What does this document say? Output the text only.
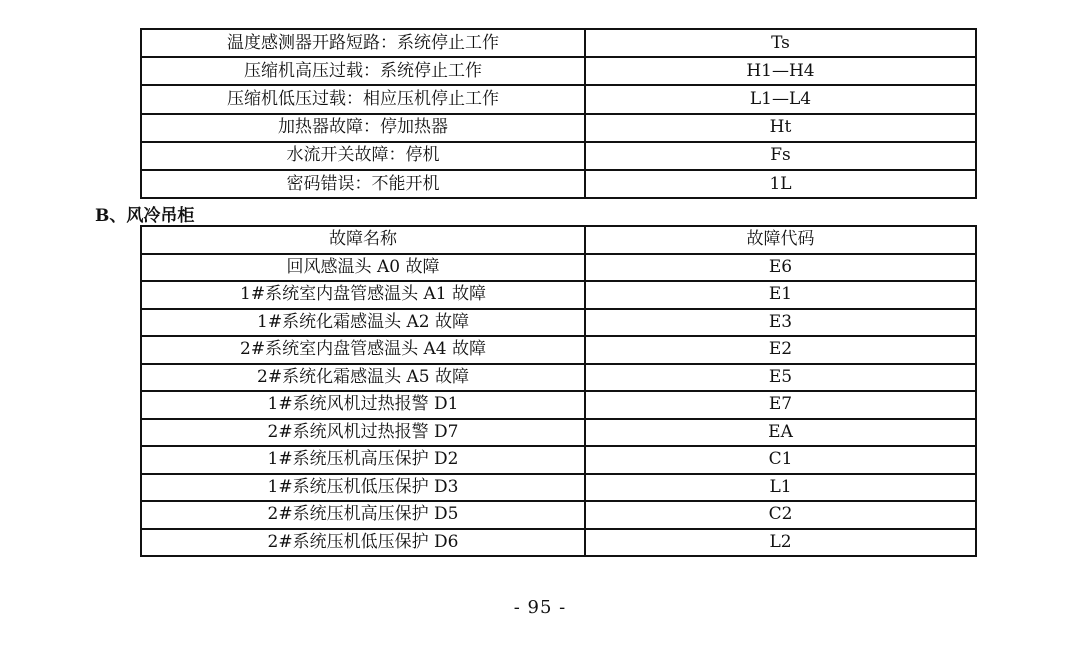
温度感测器开路短路：系统停止工作	Ts
压缩机高压过载：系统停止工作	H1—H4
压缩机低压过载：相应压机停止工作	L1—L4
加热器故障：停加热器	Ht
水流开关故障：停机	Fs
密码错误：不能开机	1L
B、风冷吊柜
故障名称	故障代码
回风感温头 A0 故障	E6
1#系统室内盘管感温头 A1 故障	E1
1#系统化霜感温头 A2 故障	E3
2#系统室内盘管感温头 A4 故障	E2
2#系统化霜感温头 A5 故障	E5
1#系统风机过热报警 D1	E7
2#系统风机过热报警 D7	EA
1#系统压机高压保护 D2	C1
1#系统压机低压保护 D3	L1
2#系统压机高压保护 D5	C2
2#系统压机低压保护 D6	L2
- 95 -
